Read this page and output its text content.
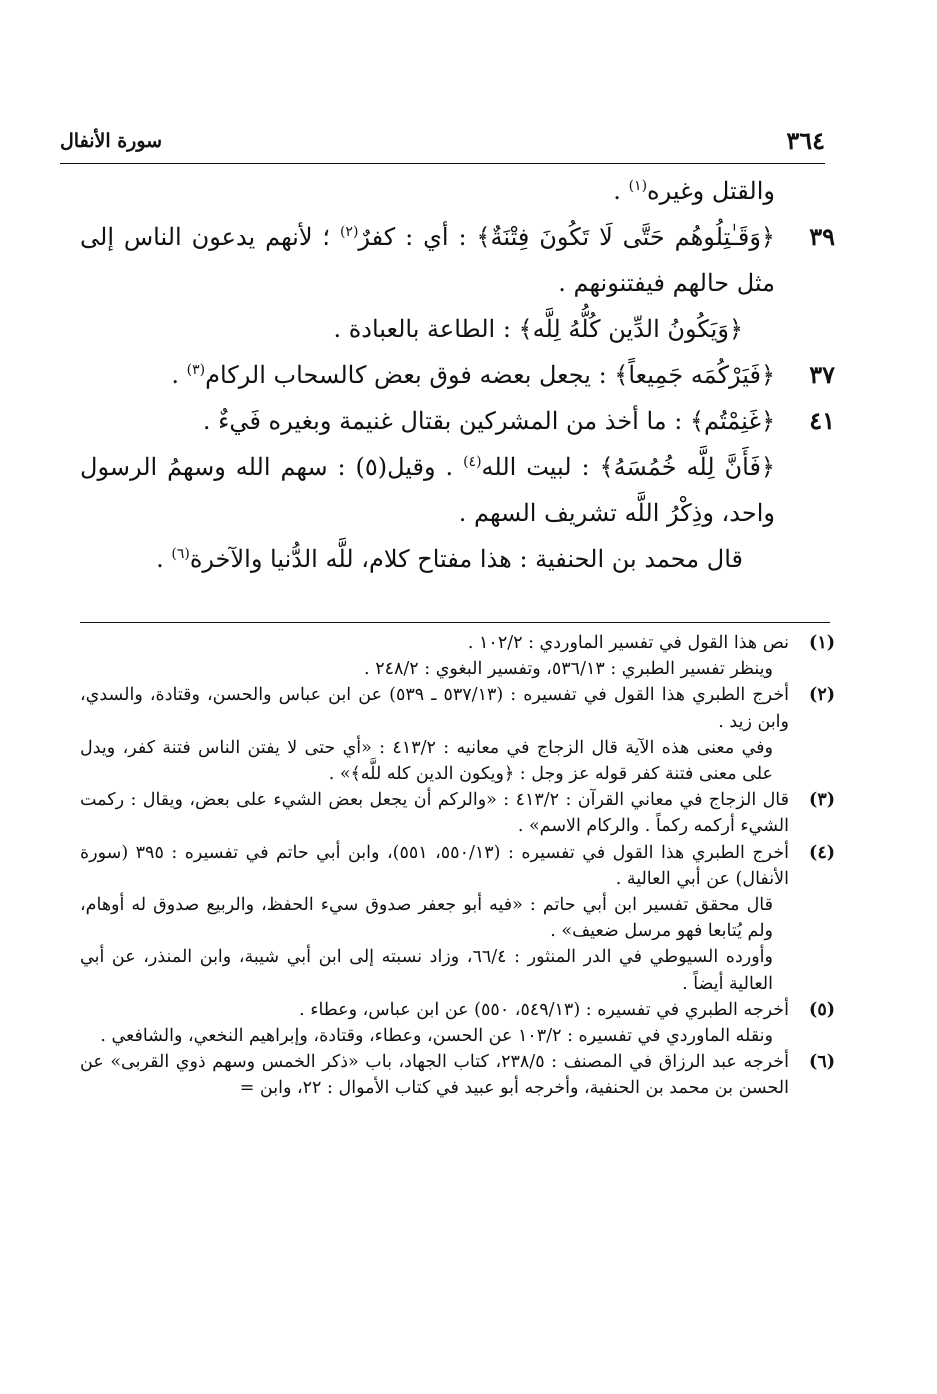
٣٦٤
سورة الأنفال
والقتل وغيره$^{(١)}$ .
٣٩
﴿وَقَـٰتِلُوهُم حَتَّى لَا تَكُونَ فِتْنَةٌ﴾ : أي : كفرٌ$^{(٢)}$ ؛ لأنهم يدعون الناس إلى مثل حالهم فيفتنونهم .
﴿وَيَكُونُ الدِّين كُلُّهُ لِلَّه﴾ : الطاعة بالعبادة .
٣٧
﴿فَيَرْكُمَه جَمِيعاً﴾ : يجعل بعضه فوق بعض كالسحاب الركام$^{(٣)}$ .
٤١
﴿غَنِمْتُم﴾ : ما أخذ من المشركين بقتال غنيمة وبغيره فَيءٌ .
﴿فَأَنَّ لِلَّه خُمُسَهُ﴾ : لبيت الله$^{(٤)}$ . وقيل(٥) : سهم الله وسهمُ الرسول واحد، وذِكْرُ اللَّه تشريف السهم .
قال محمد بن الحنفية : هذا مفتاح كلام، للَّه الدُّنيا والآخرة$^{(٦)}$ .
(١)
نص هذا القول في تفسير الماوردي : ١٠٢/٢ .
وينظر تفسير الطبري : ٥٣٦/١٣، وتفسير البغوي : ٢٤٨/٢ .
(٢)
أخرج الطبري هذا القول في تفسيره : (٥٣٧/١٣ ـ ٥٣٩) عن ابن عباس والحسن، وقتادة، والسدي، وابن زيد .
وفي معنى هذه الآية قال الزجاج في معانيه : ٤١٣/٢ : «أي حتى لا يفتن الناس فتنة كفر، ويدل على معنى فتنة كفر قوله عز وجل : ﴿ويكون الدين كله للَّه﴾» .
(٣)
قال الزجاج في معاني القرآن : ٤١٣/٢ : «والركم أن يجعل بعض الشيء على بعض، ويقال : ركمت الشيء أركمه ركماً . والركام الاسم» .
(٤)
أخرج الطبري هذا القول في تفسيره : (٥٥٠/١٣، ٥٥١)، وابن أبي حاتم في تفسيره : ٣٩٥ (سورة الأنفال) عن أبي العالية .
قال محقق تفسير ابن أبي حاتم : «فيه أبو جعفر صدوق سيء الحفظ، والربيع صدوق له أوهام، ولم يُتابعا فهو مرسل ضعيف» .
وأورده السيوطي في الدر المنثور : ٦٦/٤، وزاد نسبته إلى ابن أبي شيبة، وابن المنذر، عن أبي العالية أيضاً .
(٥)
أخرجه الطبري في تفسيره : (٥٤٩/١٣، ٥٥٠) عن ابن عباس، وعطاء .
ونقله الماوردي في تفسيره : ١٠٣/٢ عن الحسن، وعطاء، وقتادة، وإبراهيم النخعي، والشافعي .
(٦)
أخرجه عبد الرزاق في المصنف : ٢٣٨/٥، كتاب الجهاد، باب «ذكر الخمس وسهم ذوي القربى» عن الحسن بن محمد بن الحنفية، وأخرجه أبو عبيد في كتاب الأموال : ٢٢، وابن =
